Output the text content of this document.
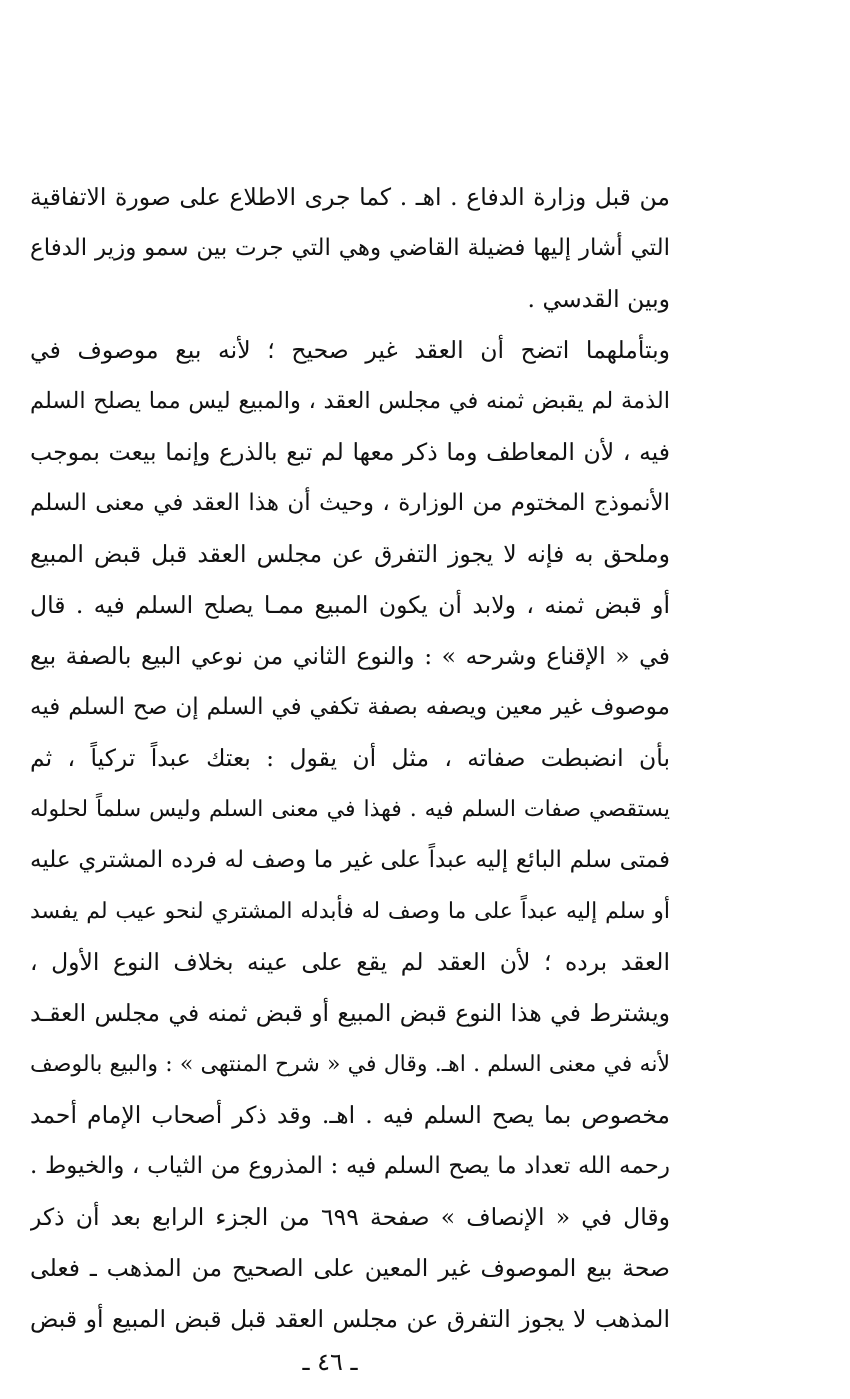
من قبل وزارة الدفاع . اهـ . كما جرى الاطلاع على صورة الاتفاقية
التي أشار إليها فضيلة القاضي وهي التي جرت بين سمو وزير الدفاع
وبين القدسي .
وبتأملهما اتضح أن العقد غير صحيح ؛ لأنه بيع موصوف في
الذمة لم يقبض ثمنه في مجلس العقد ، والمبيع ليس مما يصلح السلم
فيه ، لأن المعاطف وما ذكر معها لم تبع بالذرع وإنما بيعت بموجب
الأنموذج المختوم من الوزارة ، وحيث أن هذا العقد في معنى السلم
وملحق به فإنه لا يجوز التفرق عن مجلس العقد قبل قبض المبيع
أو قبض ثمنه ، ولابد أن يكون المبيع ممـا يصلح السلم فيه . قال
في « الإقناع وشرحه » : والنوع الثاني من نوعي البيع بالصفة بيع
موصوف غير معين ويصفه بصفة تكفي في السلم إن صح السلم فيه
بأن انضبطت صفاته ، مثل أن يقول : بعتك عبداً تركياً ، ثم
يستقصي صفات السلم فيه . فهذا في معنى السلم وليس سلماً لحلوله
فمتى سلم البائع إليه عبداً على غير ما وصف له فرده المشتري عليه
أو سلم إليه عبداً على ما وصف له فأبدله المشتري لنحو عيب لم يفسد
العقد برده ؛ لأن العقد لم يقع على عينه بخلاف النوع الأول ،
ويشترط في هذا النوع قبض المبيع أو قبض ثمنه في مجلس العقـد
لأنه في معنى السلم . اهـ. وقال في « شرح المنتهى » : والبيع بالوصف
مخصوص بما يصح السلم فيه . اهـ. وقد ذكر أصحاب الإمام أحمد
رحمه الله تعداد ما يصح السلم فيه : المذروع من الثياب ، والخيوط .
وقال في « الإنصاف » صفحة ٦٩٩ من الجزء الرابع بعد أن ذكر
صحة بيع الموصوف غير المعين على الصحيح من المذهب ـ فعلى
المذهب لا يجوز التفرق عن مجلس العقد قبل قبض المبيع أو قبض
ـ ٤٦ ـ
